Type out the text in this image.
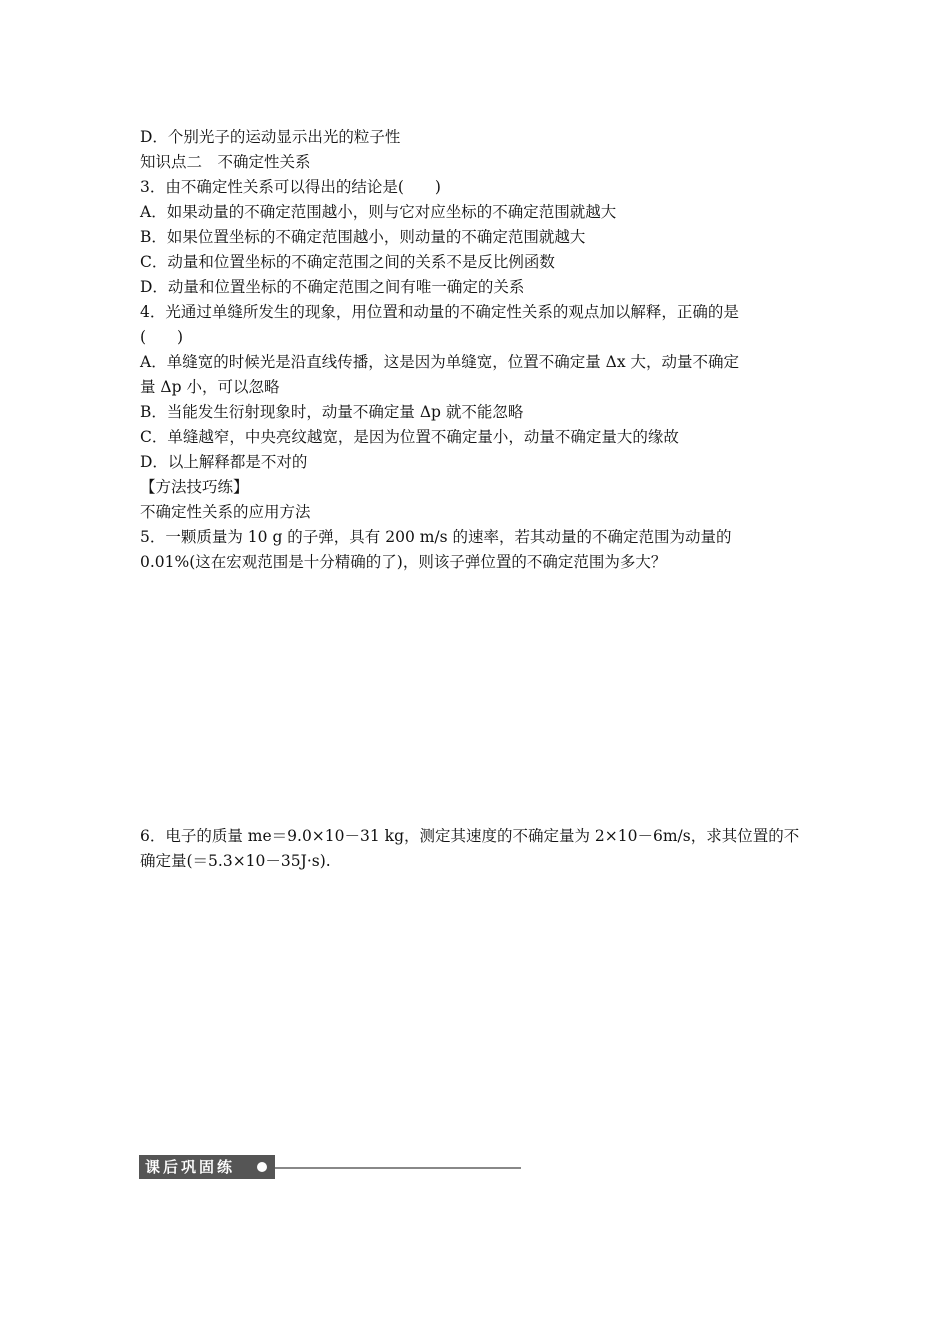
D．个别光子的运动显示出光的粒子性
知识点二　不确定性关系
3．由不确定性关系可以得出的结论是(　　)
A．如果动量的不确定范围越小，则与它对应坐标的不确定范围就越大
B．如果位置坐标的不确定范围越小，则动量的不确定范围就越大
C．动量和位置坐标的不确定范围之间的关系不是反比例函数
D．动量和位置坐标的不确定范围之间有唯一确定的关系
4．光通过单缝所发生的现象，用位置和动量的不确定性关系的观点加以解释，正确的是
(　　)
A．单缝宽的时候光是沿直线传播，这是因为单缝宽，位置不确定量 Δx 大，动量不确定
量 Δp 小，可以忽略
B．当能发生衍射现象时，动量不确定量 Δp 就不能忽略
C．单缝越窄，中央亮纹越宽，是因为位置不确定量小，动量不确定量大的缘故
D．以上解释都是不对的
【方法技巧练】
不确定性关系的应用方法
5．一颗质量为 10 g 的子弹，具有 200 m/s 的速率，若其动量的不确定范围为动量的
0.01%(这在宏观范围是十分精确的了)，则该子弹位置的不确定范围为多大？
6．电子的质量 me＝9.0×10－31 kg，测定其速度的不确定量为 2×10－6m/s，求其位置的不
确定量(＝5.3×10－35J·s).
课后巩固练
